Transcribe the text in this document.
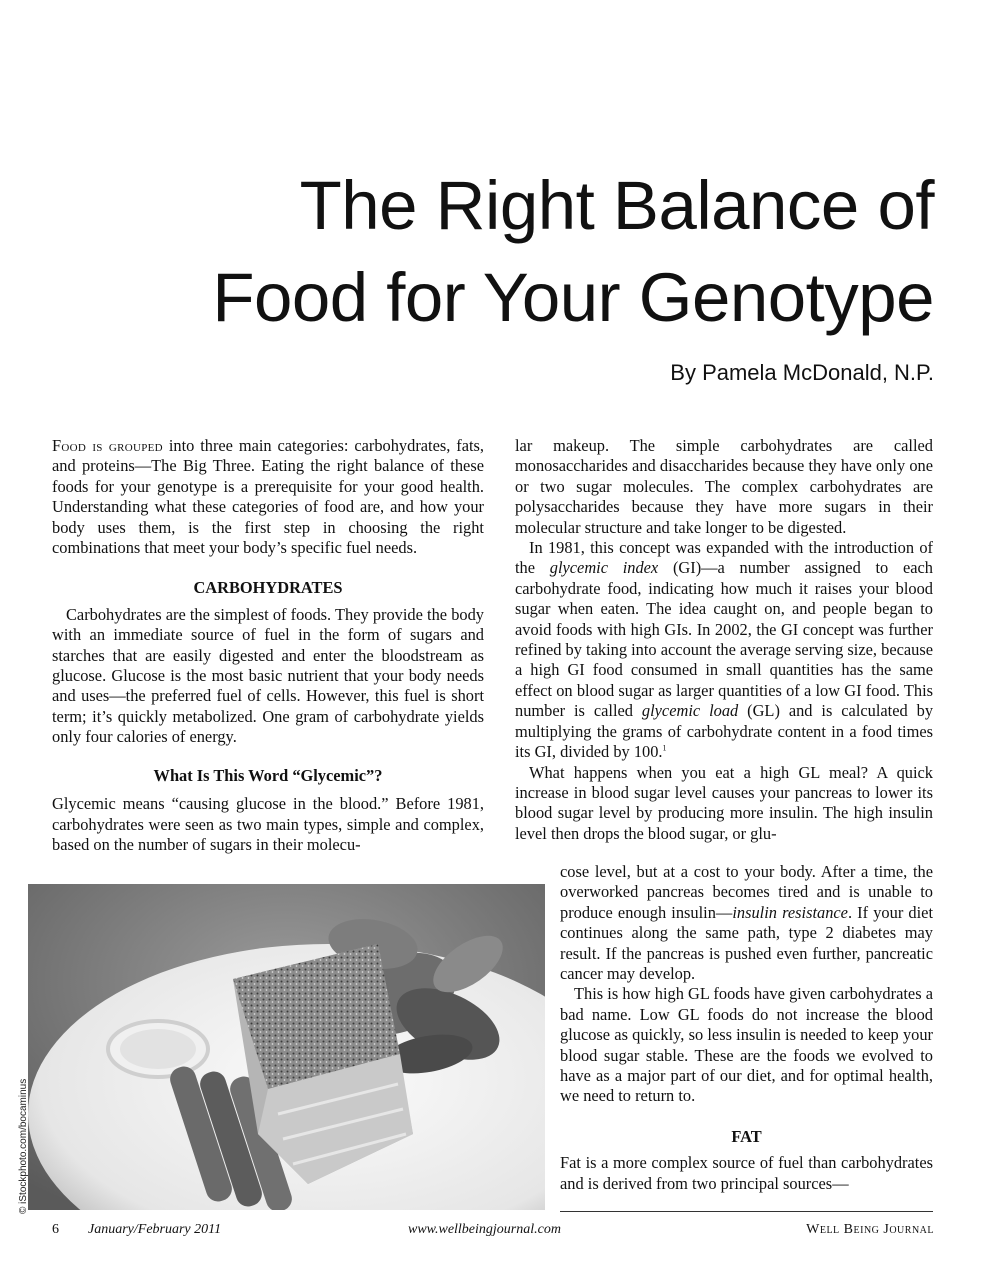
The Right Balance of
Food for Your Genotype
By Pamela McDonald, N.P.

Food is grouped into three main categories: carbohydrates, fats, and proteins—The Big Three. Eating the right balance of these foods for your genotype is a prerequisite for your good health. Understanding what these categories of food are, and how your body uses them, is the first step in choosing the right combinations that meet your body’s specific fuel needs.

CARBOHYDRATES

Carbohydrates are the simplest of foods. They provide the body with an immediate source of fuel in the form of sugars and starches that are easily digested and enter the bloodstream as glucose. Glucose is the most basic nutrient that your body needs and uses—the preferred fuel of cells. However, this fuel is short term; it’s quickly metabolized. One gram of carbohydrate yields only four calories of energy.

What Is This Word “Glycemic”?

Glycemic means “causing glucose in the blood.” Before 1981, carbohydrates were seen as two main types, simple and complex, based on the number of sugars in their molecu-

lar makeup. The simple carbohydrates are called monosaccharides and disaccharides because they have only one or two sugar molecules. The complex carbohydrates are polysaccharides because they have more sugars in their molecular structure and take longer to be digested.

In 1981, this concept was expanded with the introduction of the glycemic index (GI)—a number assigned to each carbohydrate food, indicating how much it raises your blood sugar when eaten. The idea caught on, and people began to avoid foods with high GIs. In 2002, the GI concept was further refined by taking into account the average serving size, because a high GI food consumed in small quantities has the same effect on blood sugar as larger quantities of a low GI food. This number is called glycemic load (GL) and is calculated by multiplying the grams of carbohydrate content in a food times its GI, divided by 100.$^1$

What happens when you eat a high GL meal? A quick increase in blood sugar level causes your pancreas to lower its blood sugar level by producing more insulin. The high insulin level then drops the blood sugar, or glu-

cose level, but at a cost to your body. After a time, the overworked pancreas becomes tired and is unable to produce enough insulin—insulin resistance. If your diet continues along the same path, type 2 diabetes may result. If the pancreas is pushed even further, pancreatic cancer may develop.

This is how high GL foods have given carbohydrates a bad name. Low GL foods do not increase the blood glucose as quickly, so less insulin is needed to keep your blood sugar stable. These are the foods we evolved to have as a major part of our diet, and for optimal health, we need to return to.

FAT

Fat is a more complex source of fuel than carbohydrates and is derived from two principal sources—

© iStockphoto.com/bocaminus
6 January/February 2011	www.wellbeingjournal.com	Well Being Journal
